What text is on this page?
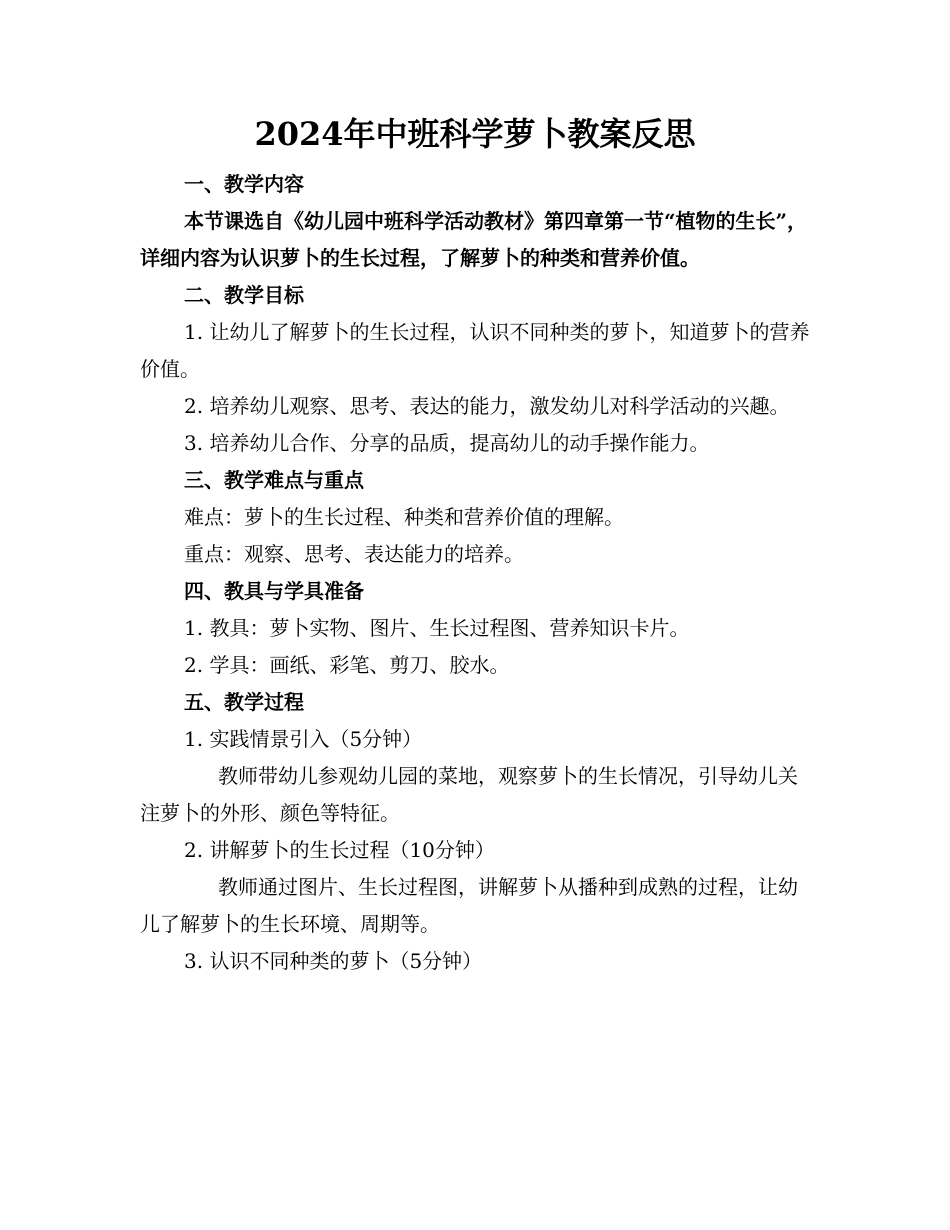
2024年中班科学萝卜教案反思

一、教学内容

本节课选自《幼儿园中班科学活动教材》第四章第一节“植物的生长”，详细内容为认识萝卜的生长过程，了解萝卜的种类和营养价值。

二、教学目标

1. 让幼儿了解萝卜的生长过程，认识不同种类的萝卜，知道萝卜的营养价值。

2. 培养幼儿观察、思考、表达的能力，激发幼儿对科学活动的兴趣。

3. 培养幼儿合作、分享的品质，提高幼儿的动手操作能力。

三、教学难点与重点

难点：萝卜的生长过程、种类和营养价值的理解。

重点：观察、思考、表达能力的培养。

四、教具与学具准备

1. 教具：萝卜实物、图片、生长过程图、营养知识卡片。

2. 学具：画纸、彩笔、剪刀、胶水。

五、教学过程

1. 实践情景引入（5分钟）

教师带幼儿参观幼儿园的菜地，观察萝卜的生长情况，引导幼儿关注萝卜的外形、颜色等特征。

2. 讲解萝卜的生长过程（10分钟）

教师通过图片、生长过程图，讲解萝卜从播种到成熟的过程，让幼儿了解萝卜的生长环境、周期等。

3. 认识不同种类的萝卜（5分钟）
